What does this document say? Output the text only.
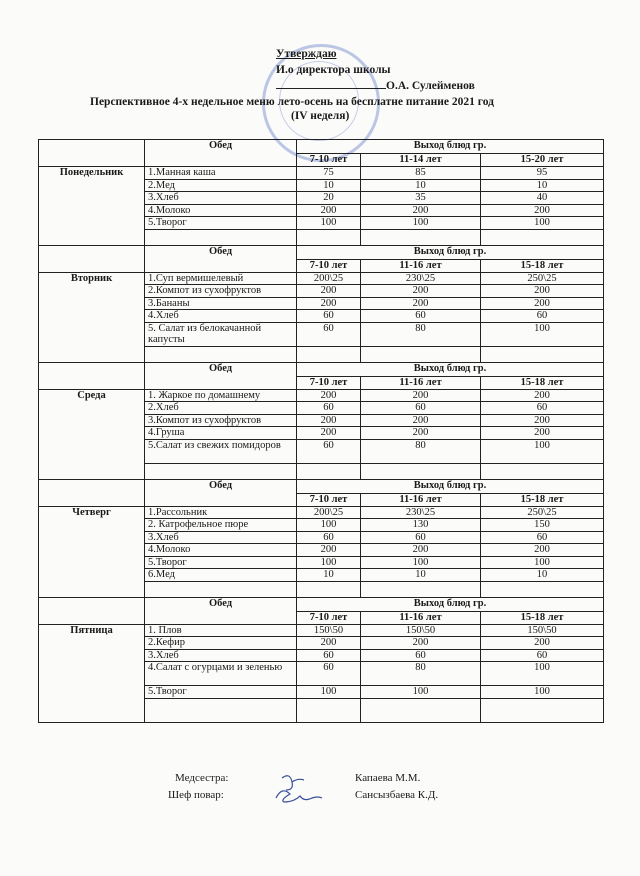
Утверждаю
И.о директора школы
О.А. Сулейменов
Перспективное 4-х недельное меню лето-осень на бесплатне питание 2021 год
(IV неделя)
	Обед	Выход блюд гр.		
		7-10 лет	11-14 лет	15-20 лет
Понедельник	1.Манная каша	75	85	95
	2.Мед	10	10	10
	3.Хлеб	20	35	40
	4.Молоко	200	200	200
	5.Творог	100	100	100

	Обед	Выход блюд гр.		
		7-10 лет	11-16 лет	15-18 лет
Вторник	1.Суп вермишелевый	200\25	230\25	250\25
	2.Компот из сухофруктов	200	200	200
	3.Бананы	200	200	200
	4.Хлеб	60	60	60
	5. Салат из белокачанной капусты	60	80	100

	Обед	Выход блюд гр.		
		7-10 лет	11-16 лет	15-18 лет
Среда	1. Жаркое по домашнему	200	200	200
	2.Хлеб	60	60	60
	3.Компот из сухофруктов	200	200	200
	4.Груша	200	200	200
	5.Салат из свежих помидоров	60	80	100

	Обед	Выход блюд гр.		
		7-10 лет	11-16 лет	15-18 лет
Четверг	1.Рассольник	200\25	230\25	250\25
	2. Катрофельное пюре	100	130	150
	3.Хлеб	60	60	60
	4.Молоко	200	200	200
	5.Творог	100	100	100
	6.Мед	10	10	10

	Обед	Выход блюд гр.		
		7-10 лет	11-16 лет	15-18 лет
Пятница	1. Плов	150\50	150\50	150\50
	2.Кефир	200	200	200
	3.Хлеб	60	60	60
	4.Салат с огурцами и зеленью	60	80	100
	5.Творог	100	100	100

Медсестра:	Капаева М.М.
Шеф повар:	Сансызбаева К.Д.
